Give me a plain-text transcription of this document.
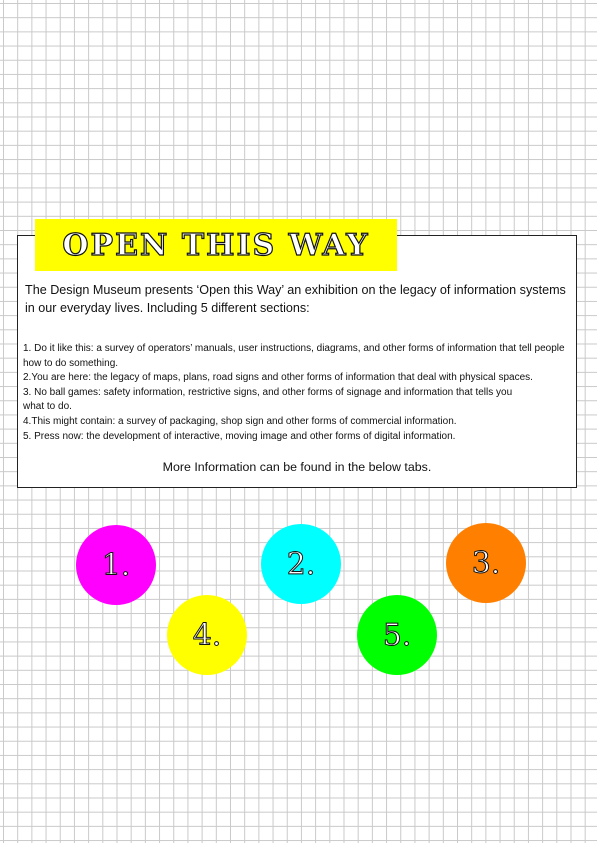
OPEN THIS WAY
The Design Museum presents ‘Open this Way’ an exhibition on the legacy of information systems in our everyday lives. Including 5 different sections:
1. Do it like this: a survey of operators’ manuals, user instructions, diagrams, and other forms of information that tell people how to do something.
2.You are here: the legacy of maps, plans, road signs and other forms of information that deal with physical spaces.
3. No ball games: safety information, restrictive signs, and other forms of signage and information that tells you what to do.
4.This might contain: a survey of packaging, shop sign and other forms of commercial information.
5. Press now: the development of interactive, moving image and other forms of digital information.
More Information can be found in the below tabs.
1.	2.	3.
4.	5.
